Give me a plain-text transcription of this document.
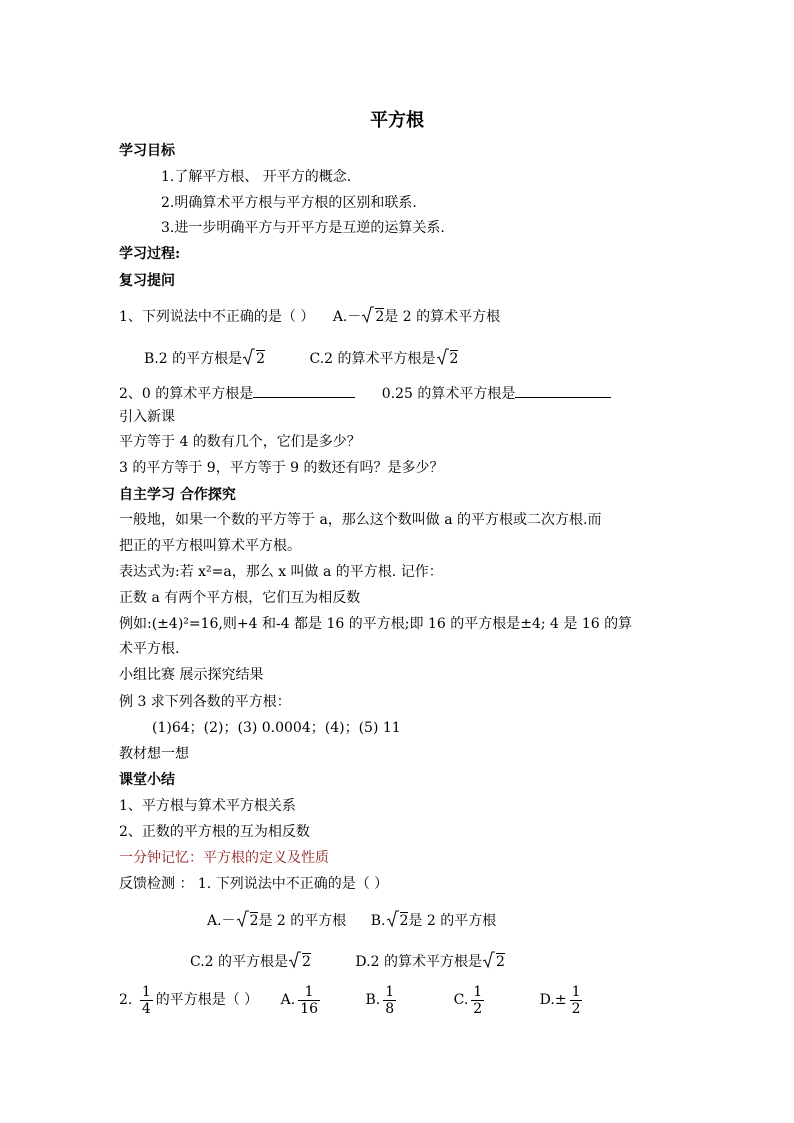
平方根
学习目标
1.了解平方根、 开平方的概念.
2.明确算术平方根与平方根的区别和联系.
3.进一步明确平方与开平方是互逆的运算关系.
学习过程:
复习提问
1、下列说法中不正确的是（ ） A.－ 2是 2 的算术平方根
B.2 的平方根是 2	C.2 的算术平方根是 2
2、0 的算术平方根是	0.25 的算术平方根是
引入新课
平方等于 4 的数有几个，它们是多少？
3 的平方等于 9，平方等于 9 的数还有吗？是多少？
自主学习 合作探究
一般地，如果一个数的平方等于 a，那么这个数叫做 a 的平方根或二次方根.而
把正的平方根叫算术平方根。
表达式为:若 x²=a，那么 x 叫做 a 的平方根. 记作：
正数 a 有两个平方根，它们互为相反数
例如:(±4)²=16,则+4 和-4 都是 16 的平方根;即 16 的平方根是±4; 4 是 16 的算
术平方根.
小组比赛 展示探究结果
例 3 求下列各数的平方根：
(1)64；(2)；(3) 0.0004；(4)；(5) 11
教材想一想
课堂小结
1、平方根与算术平方根关系
2、正数的平方根的互为相反数
一分钟记忆：平方根的定义及性质
反馈检测 ： 1. 下列说法中不正确的是（ ）
A.－ 2是 2 的平方根 B. 2是 2 的平方根
C.2 的平方根是 2	D.2 的算术平方根是 2
2. $\frac{1}{4}$ 的平方根是（ ） A. $\frac{1}{16}$	B. $\frac{1}{8}$	C. $\frac{1}{2}$	$D.\pm \frac{1}{2}$
